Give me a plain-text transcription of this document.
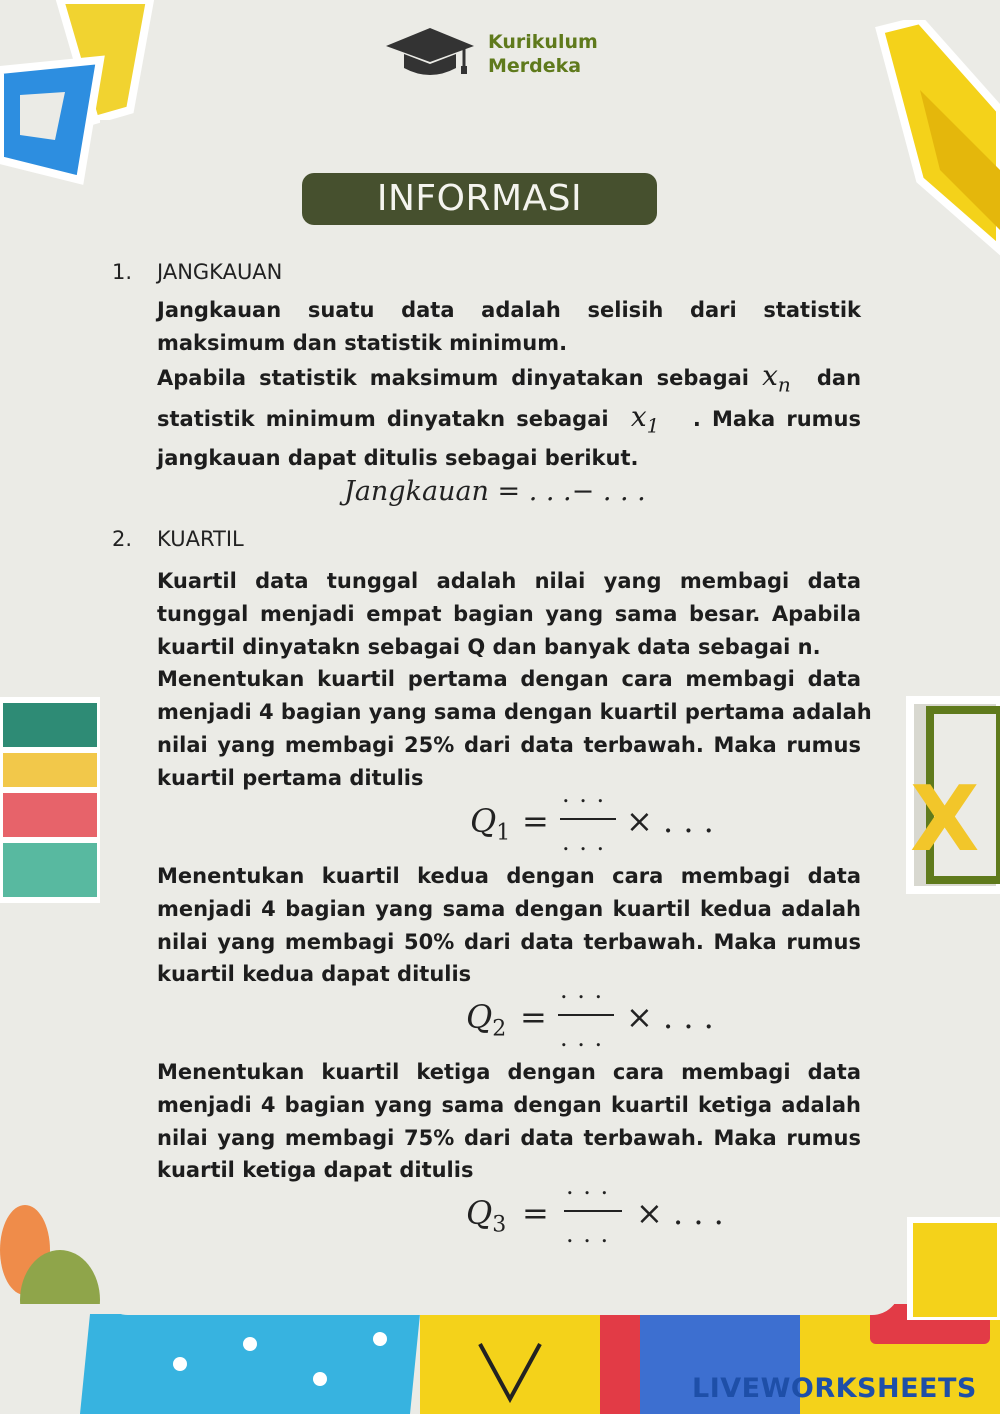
X
Kurikulum
Merdeka
INFORMASI
1. JANGKAUAN
Jangkauan suatu data adalah selisih dari statistik
maksimum dan statistik minimum.
Apabila statistik maksimum dinyatakan sebagai $x_n$ dan
statistik minimum dinyatakn sebagai $x_1$ . Maka rumus
jangkauan dapat ditulis sebagai berikut.
Jangkauan = . . .− . . .
2. KUARTIL
Kuartil data tunggal adalah nilai yang membagi data
tunggal menjadi empat bagian yang sama besar. Apabila
kuartil dinyatakn sebagai Q dan banyak data sebagai n.
Menentukan kuartil pertama dengan cara membagi data
menjadi 4 bagian yang sama dengan kuartil pertama adalah
nilai yang membagi 25% dari data terbawah. Maka rumus
kuartil pertama ditulis
$Q_1$ =
. . .
. . .
× . . .
Menentukan kuartil kedua dengan cara membagi data
menjadi 4 bagian yang sama dengan kuartil kedua adalah
nilai yang membagi 50% dari data terbawah. Maka rumus
kuartil kedua dapat ditulis
$Q_2$ =
. . .
. . .
× . . .
Menentukan kuartil ketiga dengan cara membagi data
menjadi 4 bagian yang sama dengan kuartil ketiga adalah
nilai yang membagi 75% dari data terbawah. Maka rumus
kuartil ketiga dapat ditulis
$Q_3$ =
. . .
. . .
× . . .
LIVEWORKSHEETS
